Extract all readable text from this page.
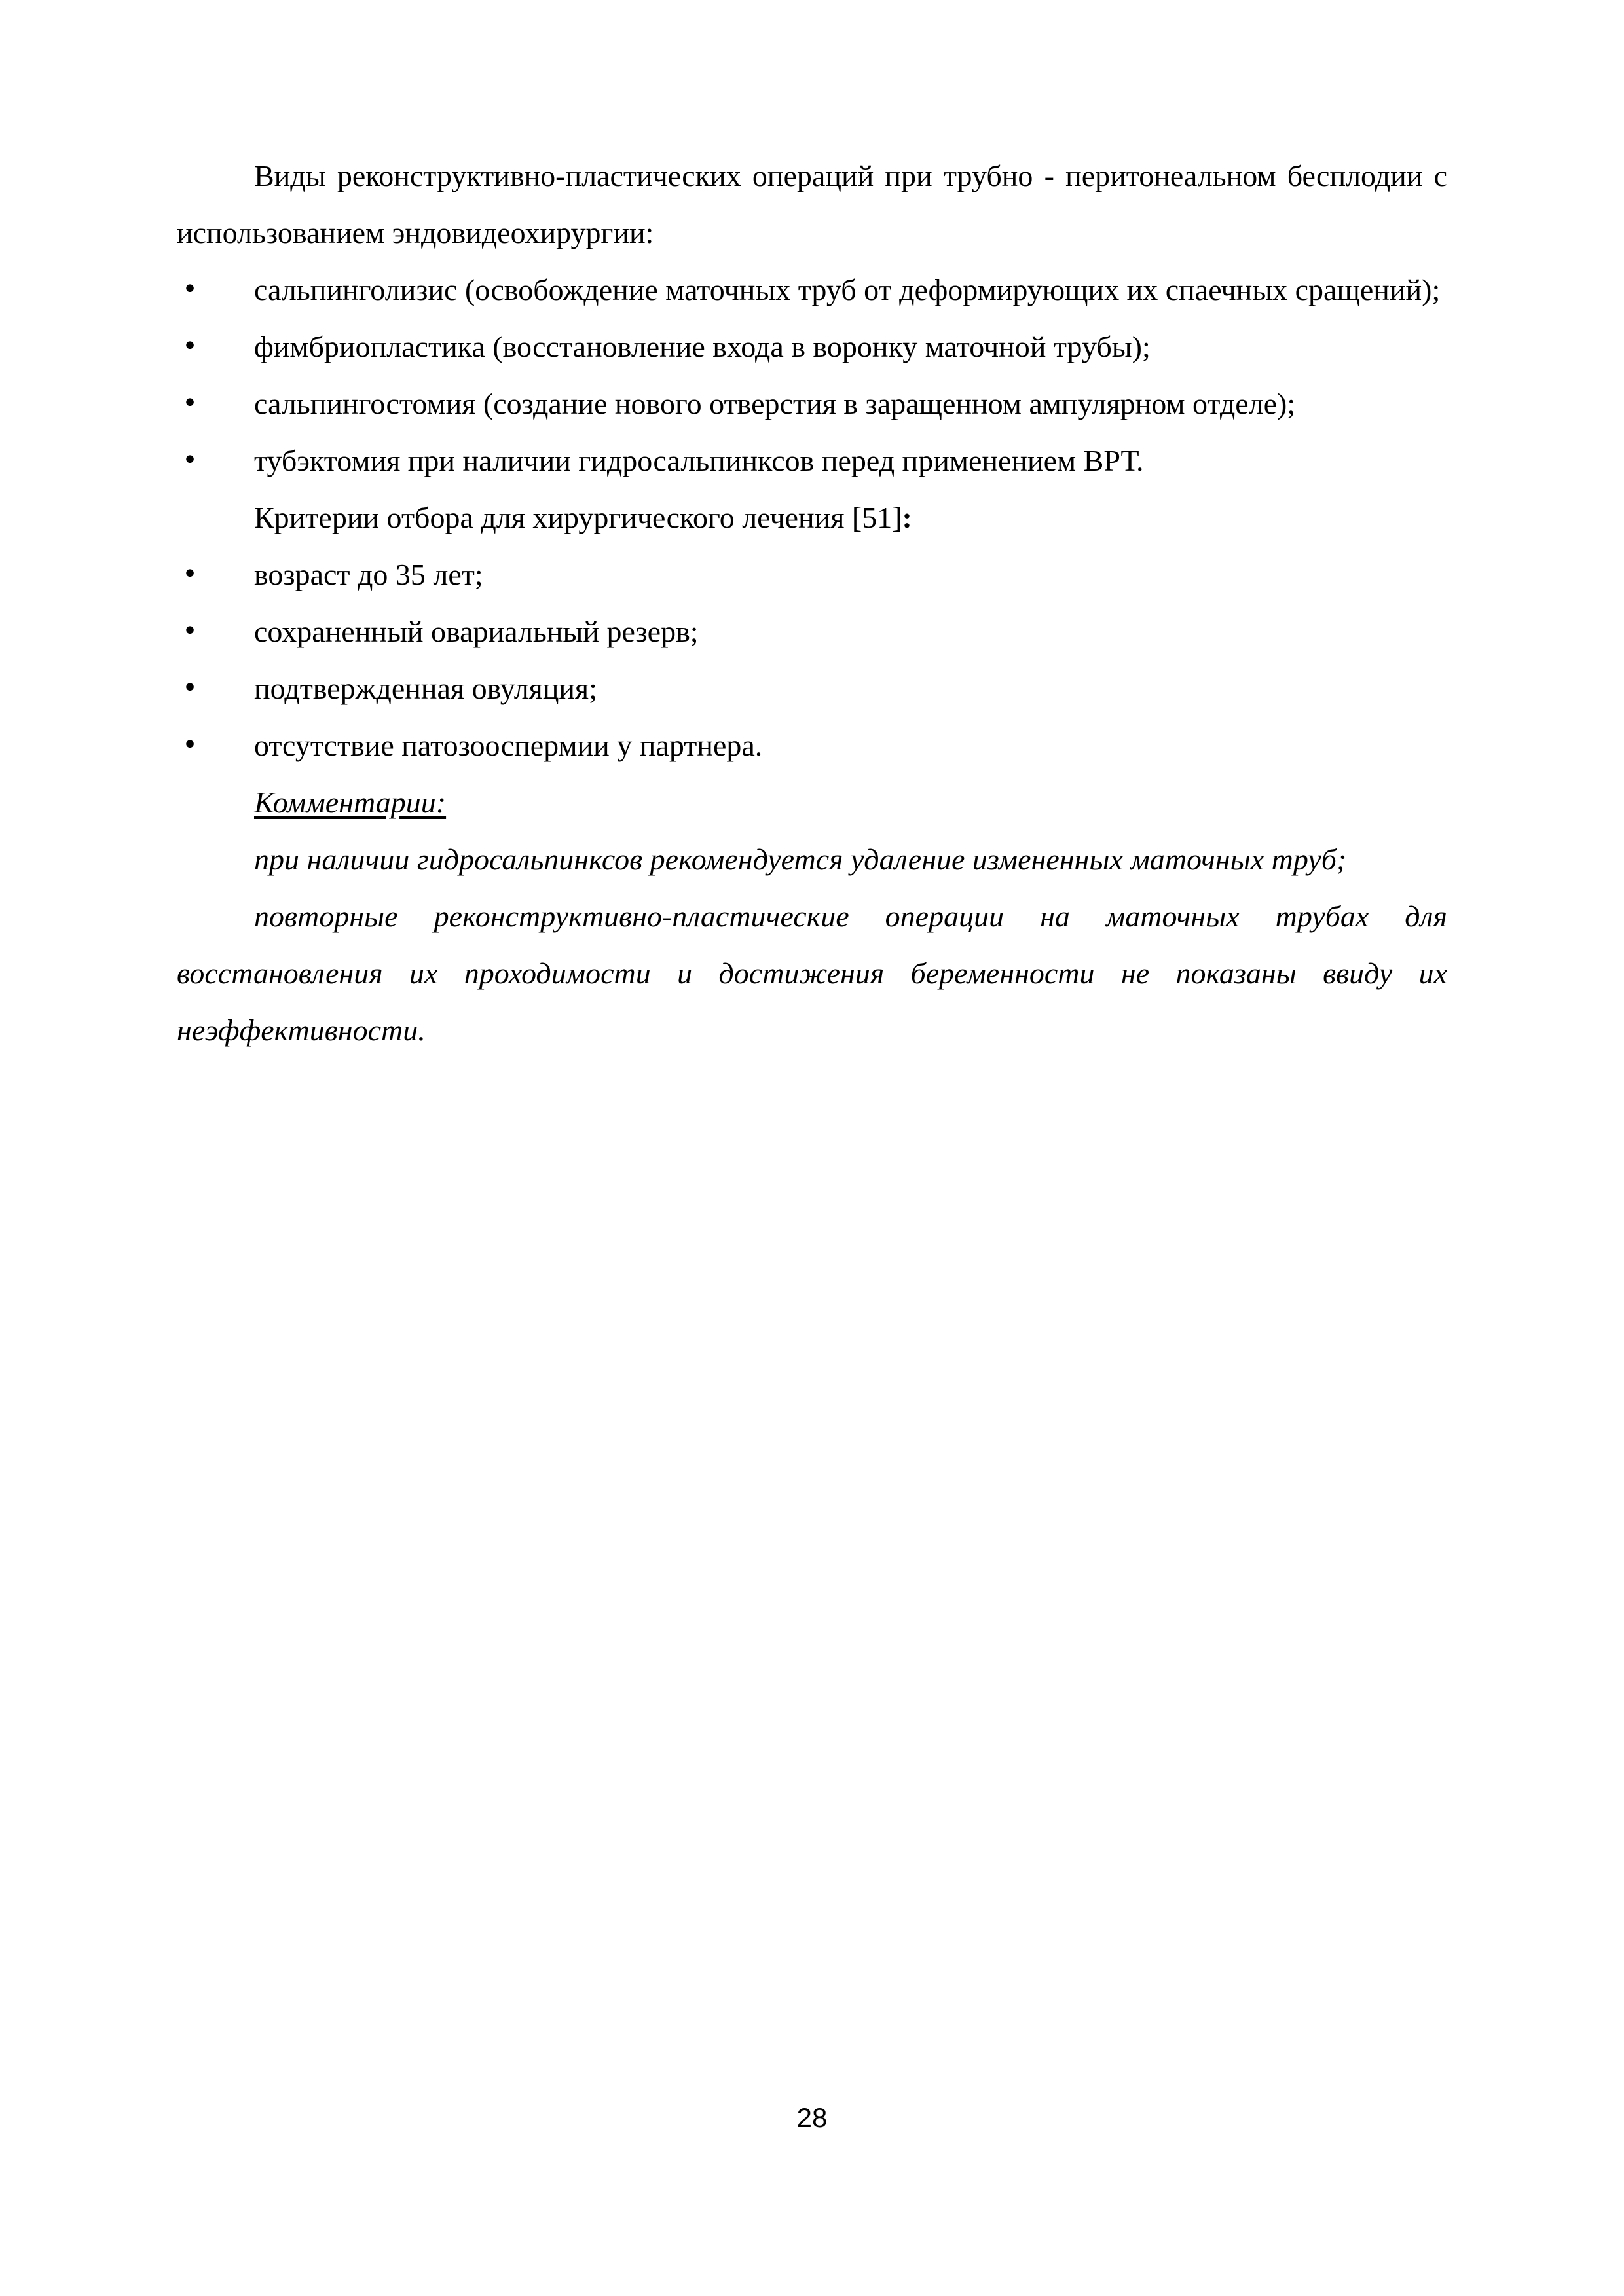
Виды реконструктивно-пластических операций при трубно - перитонеальном бесплодии с использованием эндовидеохирургии:

• сальпинголизис (освобождение маточных труб от деформирующих их спаечных сращений);
• фимбриопластика (восстановление входа в воронку маточной трубы);
• сальпингостомия (создание нового отверстия в заращенном ампулярном отделе);
• тубэктомия при наличии гидросальпинксов перед применением ВРТ.

Критерии отбора для хирургического лечения [51]:

• возраст до 35 лет;
• сохраненный овариальный резерв;
• подтвержденная овуляция;
• отсутствие патозооспермии у партнера.

Комментарии:

при наличии гидросальпинксов рекомендуется удаление измененных маточных труб;

повторные реконструктивно-пластические операции на маточных трубах для восстановления их проходимости и достижения беременности не показаны ввиду их неэффективности.

28
